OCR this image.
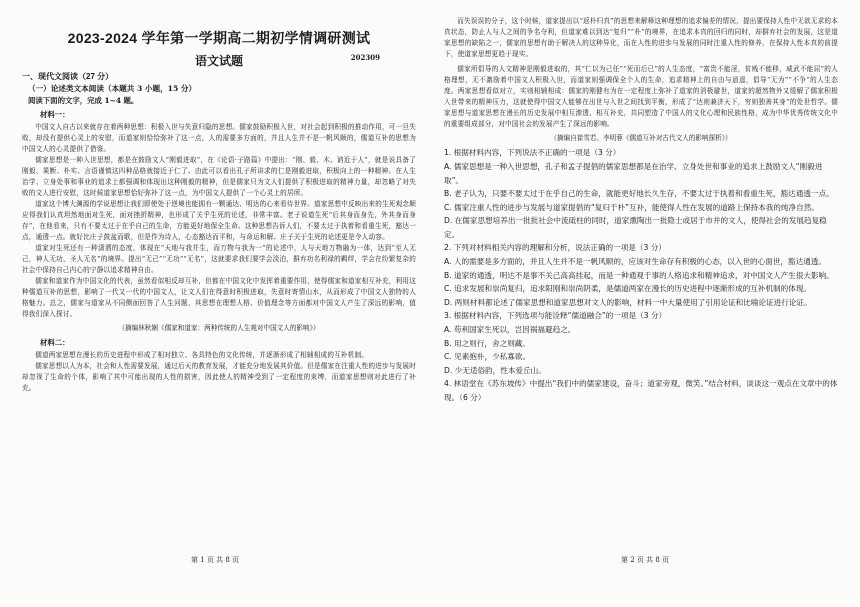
2023-2024 学年第一学期高二期初学情调研测试
语文试题	202309
一、现代文阅读（27 分）
（一）论述类文本阅读（本题共 3 小题，15 分）
阅读下面的文字，完成 1~4 题。
材料一：

中国文人自古以来就存在着两种思想：积极入世与失意归隐的思想。儒家鼓励积极入世，对社会起到积极的推动作用，可一旦失败，却没有提供心灵上的安慰，而道家则恰恰弥补了这一点，人的需要多方面的，并且人生并不是一帆风顺的，儒道互补的思想为中国文人的心灵提供了借鉴。

儒家思想是一种入世思想，都是在鼓励文人“刚毅进取”，在《论语·子路篇》中提出：“刚、毅、木、讷近于人”，就是说具备了刚毅、果断、朴实、言语谨慎这四种品格就接近于仁了。由此可以看出孔子所讲求的仁是刚毅进取，积极向上的一种精神。在人生治学、立身处事和事业的追求上都强调和体现出这种刚毅的精神，但是儒家只为文人们提供了积极进取的精神力量，却忽略了对失败的文人进行安慰，这时候道家思想恰好弥补了这一点，为中国文人提供了一个心灵上的居所。

道家这个博大渊源的学说思想让我们即使处于逆境也能拥有一颗通达、明达的心来看待世界。道家思想中反映出来的生死观念顺应得我们认真坦然地面对生死，面对挫折精神，也形成了关乎生死的论述，非常丰富。老子说道生死“后其身而身先，外其身而身存”，在他看来，只有不要太过于在乎自己的生命，方能更好地保全生命。这种思想告诉人们，不要太过于执着和看重生死，豁达一点，通透一点。就好比庄子鼓盆而歌，但是作为诗人，心态豁达而平和，与命运和解。庄子关于生死的论述更是令人动容。

道家对生死还有一种潇洒的态度，体现在“天地与我并生，而万物与我为一”的论述中，人与天地万物融为一体，达到“至人无己，神人无功，圣人无名”的境界。提出“无己”“无功”“无名”，这就要求我们要学会淡泊，摒弃功名利禄的羁绊，学会在纷繁复杂的社会中保持自己内心的宁静以追求精神自由。

儒家和道家作为中国文化的代表，虽然看似相反却互补，但都在中国文化中发挥着重要作用，使得儒家和道家相互补充，利用这种儒道互补的思想，影响了一代又一代的中国文人，让文人们在得意时积极进取，失意时寄情山水，从而形成了中国文人独特的人格魅力。总之，儒家与道家从不同侧面回答了人生问题，其思想在理想人格、价值理念等方面都对中国文人产生了深远的影响，值得我们深入探讨。

（摘编林秋娴《儒家和道家：两种传统的人生观对中国文人的影响》）
材料二：

儒道两家思想在漫长的历史进程中形成了相对独立、各具特色的文化传统，并逐渐形成了相辅相成的互补机制。

儒家思想以人为本，社会和人性需要发展，通过后天的教育发展，才能充分地发展其价值。但是儒家在注重人性的进步与发展时却忽视了生命的个体，影响了其中可能出现的人性的损害，因此使人的精神受到了一定程度的束缚，而道家思想则对此进行了补充。

第 1 页 共 8 页

而失误误的分子，这个时候，道家提出以“返朴归真”的思想来解释这种理想的追求偏差的情况，提出要保持人性中无欲无求的本真状态，防止人与人之间的争名夺利，但道家难以到达“复归”“朴”的境界，在追求本真的回归的同时，却摒弃社会的发展，这是道家思想的缺陷之一，儒家的思想有助于解决人的这种异化，而在人性的进步与发展的同时注重人性的修养，在保持人性本真的前提下，使道家思想更趋于现实。

儒家所倡导的人文精神是刚毅进取的，其“仁以为己任”“死而后已”的人生态度，“富贵不能淫，贫贱不能移，威武不能屈”的人格理想，无不激励着中国文人积极入世，而道家则强调保全个人的生命，追求精神上的自由与逍遥，倡导“无为”“不争”的人生态度。两家思想看似对立，实则相辅相成：儒家的刚健有为在一定程度上弥补了道家的消极避世，道家的超然物外又缓解了儒家积极入世带来的精神压力，这就使得中国文人能够在出世与入世之间找到平衡，形成了“达则兼济天下，穷则独善其身”的处世哲学。儒家思想与道家思想在漫长的历史发展中相互渗透、相互补充，共同塑造了中国人的文化心理和民族性格，成为中华优秀传统文化中的重要组成部分，对中国社会的发展产生了深远的影响。

（摘编自崔雪若、李明蓉《儒道互补对古代文人的影响探析》）

1. 根据材料内容，下列说法不正确的一项是（3 分）

A. 儒家思想是一种入世思想，孔子和孟子提倡的儒家思想都是在治学、立身处世和事业的追求上鼓励文人“刚毅进取”。

B. 老子认为，只要不要太过于在乎自己的生命，就能更好地长久生存，不要太过于执着和看重生死，豁达通透一点。

C. 儒家注重人性的进步与发展与道家提倡的“复归于朴”互补，能使得人性在发展的道路上保持本我的纯净自然。

D. 在儒家思想培养出一批批社会中流砥柱的同时，道家熏陶出一批隐士或居于市井的文人，使得社会的发展趋复稳定。

2. 下列对材料相关内容的理解和分析，说法正确的一项是（3 分）

A. 人的需要是多方面的，并且人生并不是一帆风顺的，应该对生命存有积极的心态，以入世的心面世，豁达通透。

B. 道家的通透，明达不是事不关己高高挂起，而是一种通观于事的人格追求和精神追求，对中国文人产生很大影响。

C. 追求发展和崇尚复归，追求阳刚和崇尚阴柔，是儒道两家在漫长的历史进程中逐渐形成的互补机制的体现。

D. 两则材料都论述了儒家思想和道家思想对文人的影响，材料一中大量使用了引用论证和比喻论证进行论证。

3. 根据材料内容，下列选项与能诠释“儒道融合”的一项是（3 分）

A. 苟利国家生死以，岂因祸福避趋之。

B. 用之则行，舍之则藏。

C. 见素抱朴，少私寡欲。

D. 少无适俗韵，性本爱丘山。

4. 林语堂在《苏东坡传》中提出“我们中的儒家建设，奋斗；道家旁观，微笑。”结合材料，谈谈这一观点在文章中的体现。（6 分）

第 2 页 共 8 页
